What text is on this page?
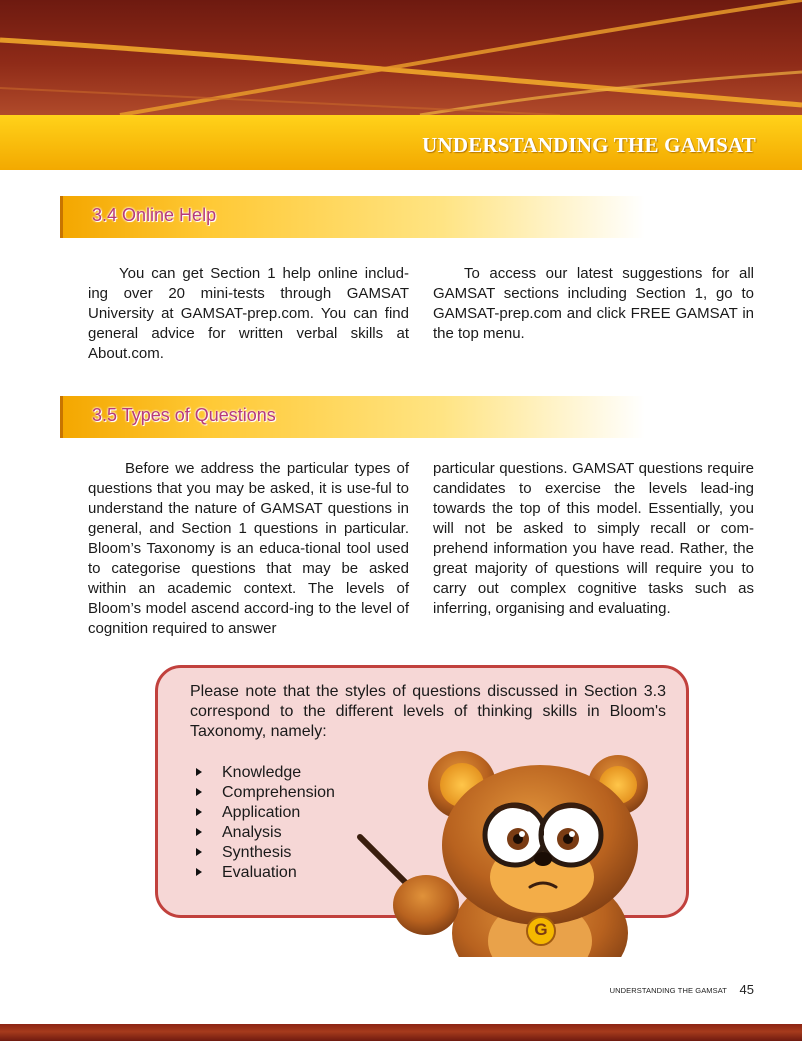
UNDERSTANDING THE GAMSAT
3.4 Online Help

You can get Section 1 help online includ-ing over 20 mini-tests through GAMSAT University at GAMSAT-prep.com. You can find general advice for written verbal skills at About.com.

To access our latest suggestions for all GAMSAT sections including Section 1, go to GAMSAT-prep.com and click FREE GAMSAT in the top menu.

3.5 Types of Questions

Before we address the particular types of questions that you may be asked, it is use-ful to understand the nature of GAMSAT questions in general, and Section 1 questions in particular. Bloom’s Taxonomy is an educa-tional tool used to categorise questions that may be asked within an academic context. The levels of Bloom’s model ascend accord-ing to the level of cognition required to answer

particular questions. GAMSAT questions require candidates to exercise the levels lead-ing towards the top of this model. Essentially, you will not be asked to simply recall or com-prehend information you have read. Rather, the great majority of questions will require you to carry out complex cognitive tasks such as inferring, organising and evaluating.

Please note that the styles of questions discussed in Section 3.3 correspond to the different levels of thinking skills in Bloom's Taxonomy, namely:
Knowledge
Comprehension
Application
Analysis
Synthesis
Evaluation
G
UNDERSTANDING THE GAMSAT 45
